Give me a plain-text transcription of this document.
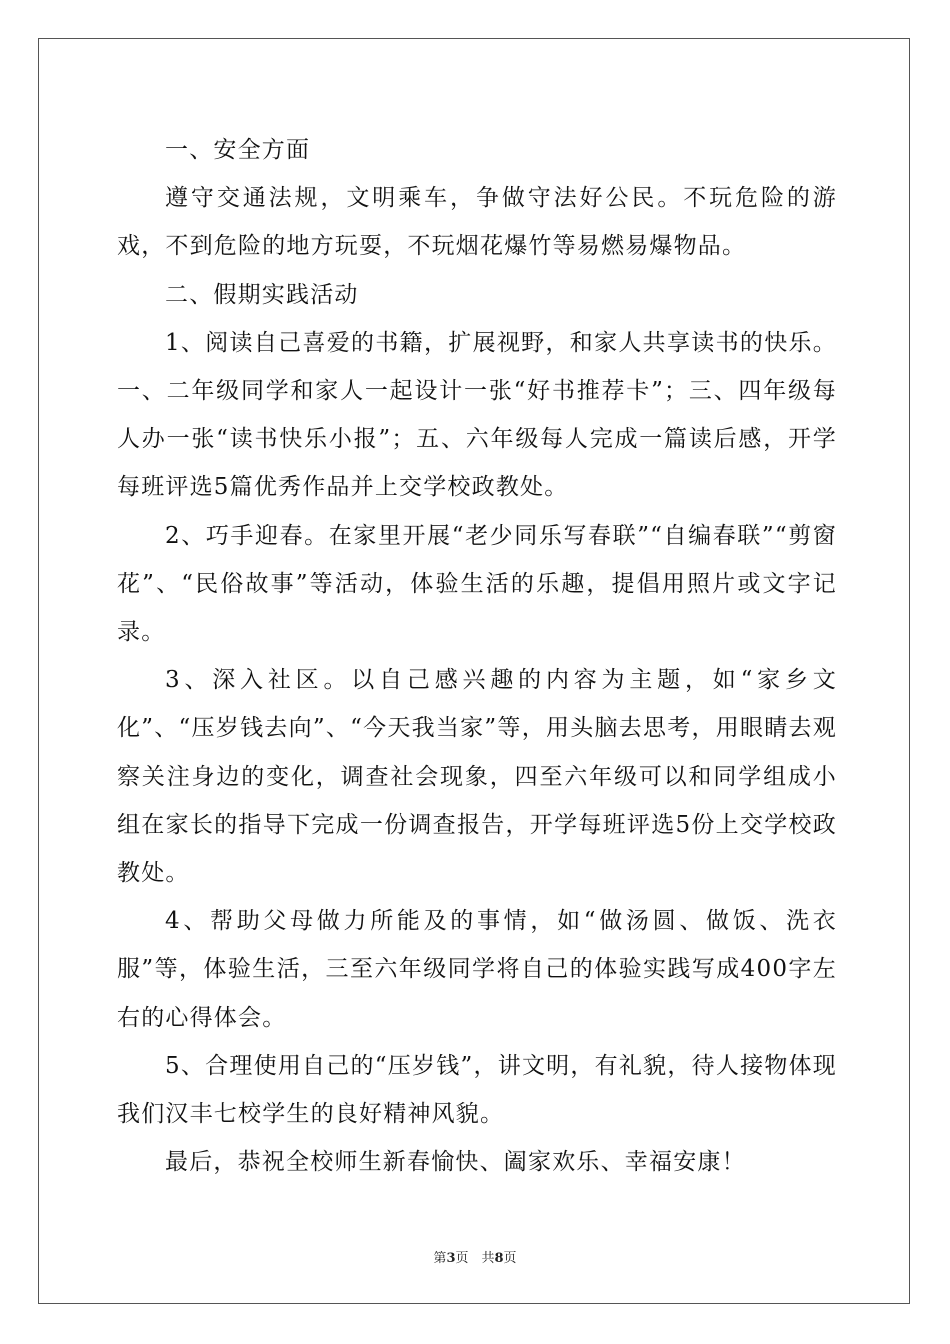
一、安全方面

遵守交通法规，文明乘车，争做守法好公民。不玩危险的游戏，不到危险的地方玩耍，不玩烟花爆竹等易燃易爆物品。

二、假期实践活动

1、阅读自己喜爱的书籍，扩展视野，和家人共享读书的快乐。一、二年级同学和家人一起设计一张“好书推荐卡”；三、四年级每人办一张“读书快乐小报”；五、六年级每人完成一篇读后感，开学每班评选5篇优秀作品并上交学校政教处。

2、巧手迎春。在家里开展“老少同乐写春联”“自编春联”“剪窗花”、“民俗故事”等活动，体验生活的乐趣，提倡用照片或文字记录。

3、深入社区。以自己感兴趣的内容为主题，如“家乡文化”、“压岁钱去向”、“今天我当家”等，用头脑去思考，用眼睛去观察关注身边的变化，调查社会现象，四至六年级可以和同学组成小组在家长的指导下完成一份调查报告，开学每班评选5份上交学校政教处。

4、帮助父母做力所能及的事情，如“做汤圆、做饭、洗衣服”等，体验生活，三至六年级同学将自己的体验实践写成400字左右的心得体会。

5、合理使用自己的“压岁钱”，讲文明，有礼貌，待人接物体现我们汉丰七校学生的良好精神风貌。

最后，恭祝全校师生新春愉快、阖家欢乐、幸福安康！

第3页　共8页
